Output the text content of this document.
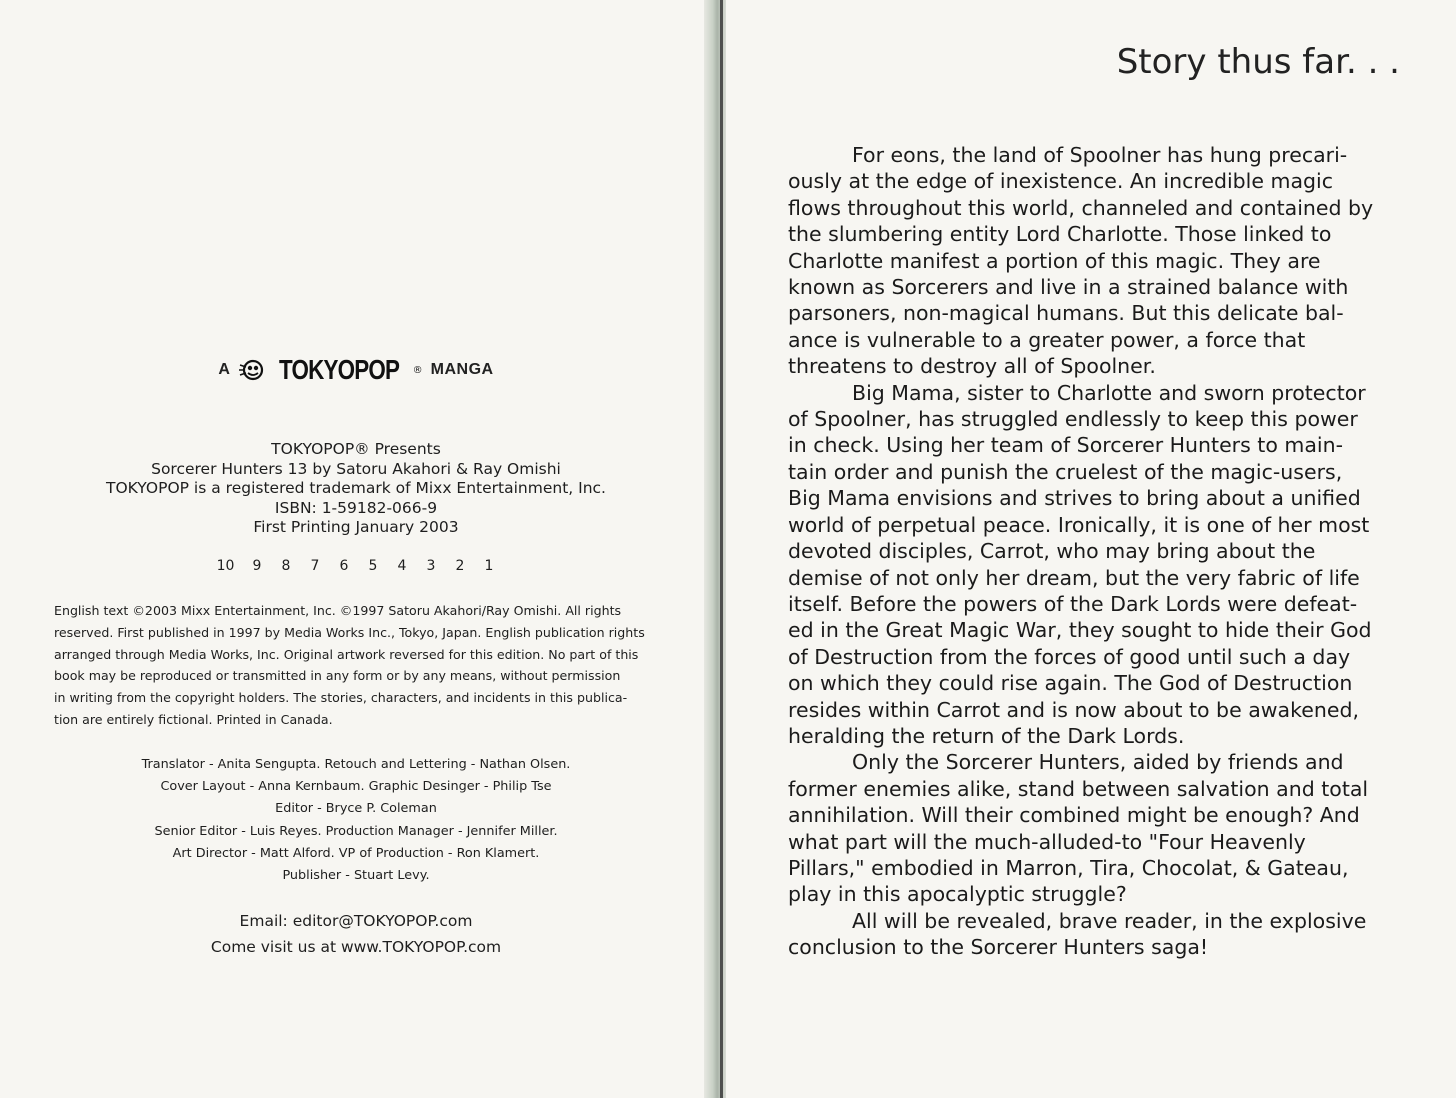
A TOKYOPOP ® MANGA
TOKYOPOP® Presents
Sorcerer Hunters 13 by Satoru Akahori & Ray Omishi
TOKYOPOP is a registered trademark of Mixx Entertainment, Inc.
ISBN: 1-59182-066-9
First Printing January 2003
10 9 8 7 6 5 4 3 2 1
English text ©2003 Mixx Entertainment, Inc. ©1997 Satoru Akahori/Ray Omishi. All rights
reserved. First published in 1997 by Media Works Inc., Tokyo, Japan. English publication rights
arranged through Media Works, Inc. Original artwork reversed for this edition. No part of this
book may be reproduced or transmitted in any form or by any means, without permission
in writing from the copyright holders. The stories, characters, and incidents in this publica-
tion are entirely fictional. Printed in Canada.
Translator - Anita Sengupta. Retouch and Lettering - Nathan Olsen.
Cover Layout - Anna Kernbaum. Graphic Desinger - Philip Tse
Editor - Bryce P. Coleman
Senior Editor - Luis Reyes. Production Manager - Jennifer Miller.
Art Director - Matt Alford. VP of Production - Ron Klamert.
Publisher - Stuart Levy.
Email: editor@TOKYOPOP.com
Come visit us at www.TOKYOPOP.com
Story thus far. . .
For eons, the land of Spoolner has hung precari-
ously at the edge of inexistence. An incredible magic
flows throughout this world, channeled and contained by
the slumbering entity Lord Charlotte. Those linked to
Charlotte manifest a portion of this magic. They are
known as Sorcerers and live in a strained balance with
parsoners, non-magical humans. But this delicate bal-
ance is vulnerable to a greater power, a force that
threatens to destroy all of Spoolner.
Big Mama, sister to Charlotte and sworn protector
of Spoolner, has struggled endlessly to keep this power
in check. Using her team of Sorcerer Hunters to main-
tain order and punish the cruelest of the magic-users,
Big Mama envisions and strives to bring about a unified
world of perpetual peace. Ironically, it is one of her most
devoted disciples, Carrot, who may bring about the
demise of not only her dream, but the very fabric of life
itself. Before the powers of the Dark Lords were defeat-
ed in the Great Magic War, they sought to hide their God
of Destruction from the forces of good until such a day
on which they could rise again. The God of Destruction
resides within Carrot and is now about to be awakened,
heralding the return of the Dark Lords.
Only the Sorcerer Hunters, aided by friends and
former enemies alike, stand between salvation and total
annihilation. Will their combined might be enough? And
what part will the much-alluded-to "Four Heavenly
Pillars," embodied in Marron, Tira, Chocolat, & Gateau,
play in this apocalyptic struggle?
All will be revealed, brave reader, in the explosive
conclusion to the Sorcerer Hunters saga!
